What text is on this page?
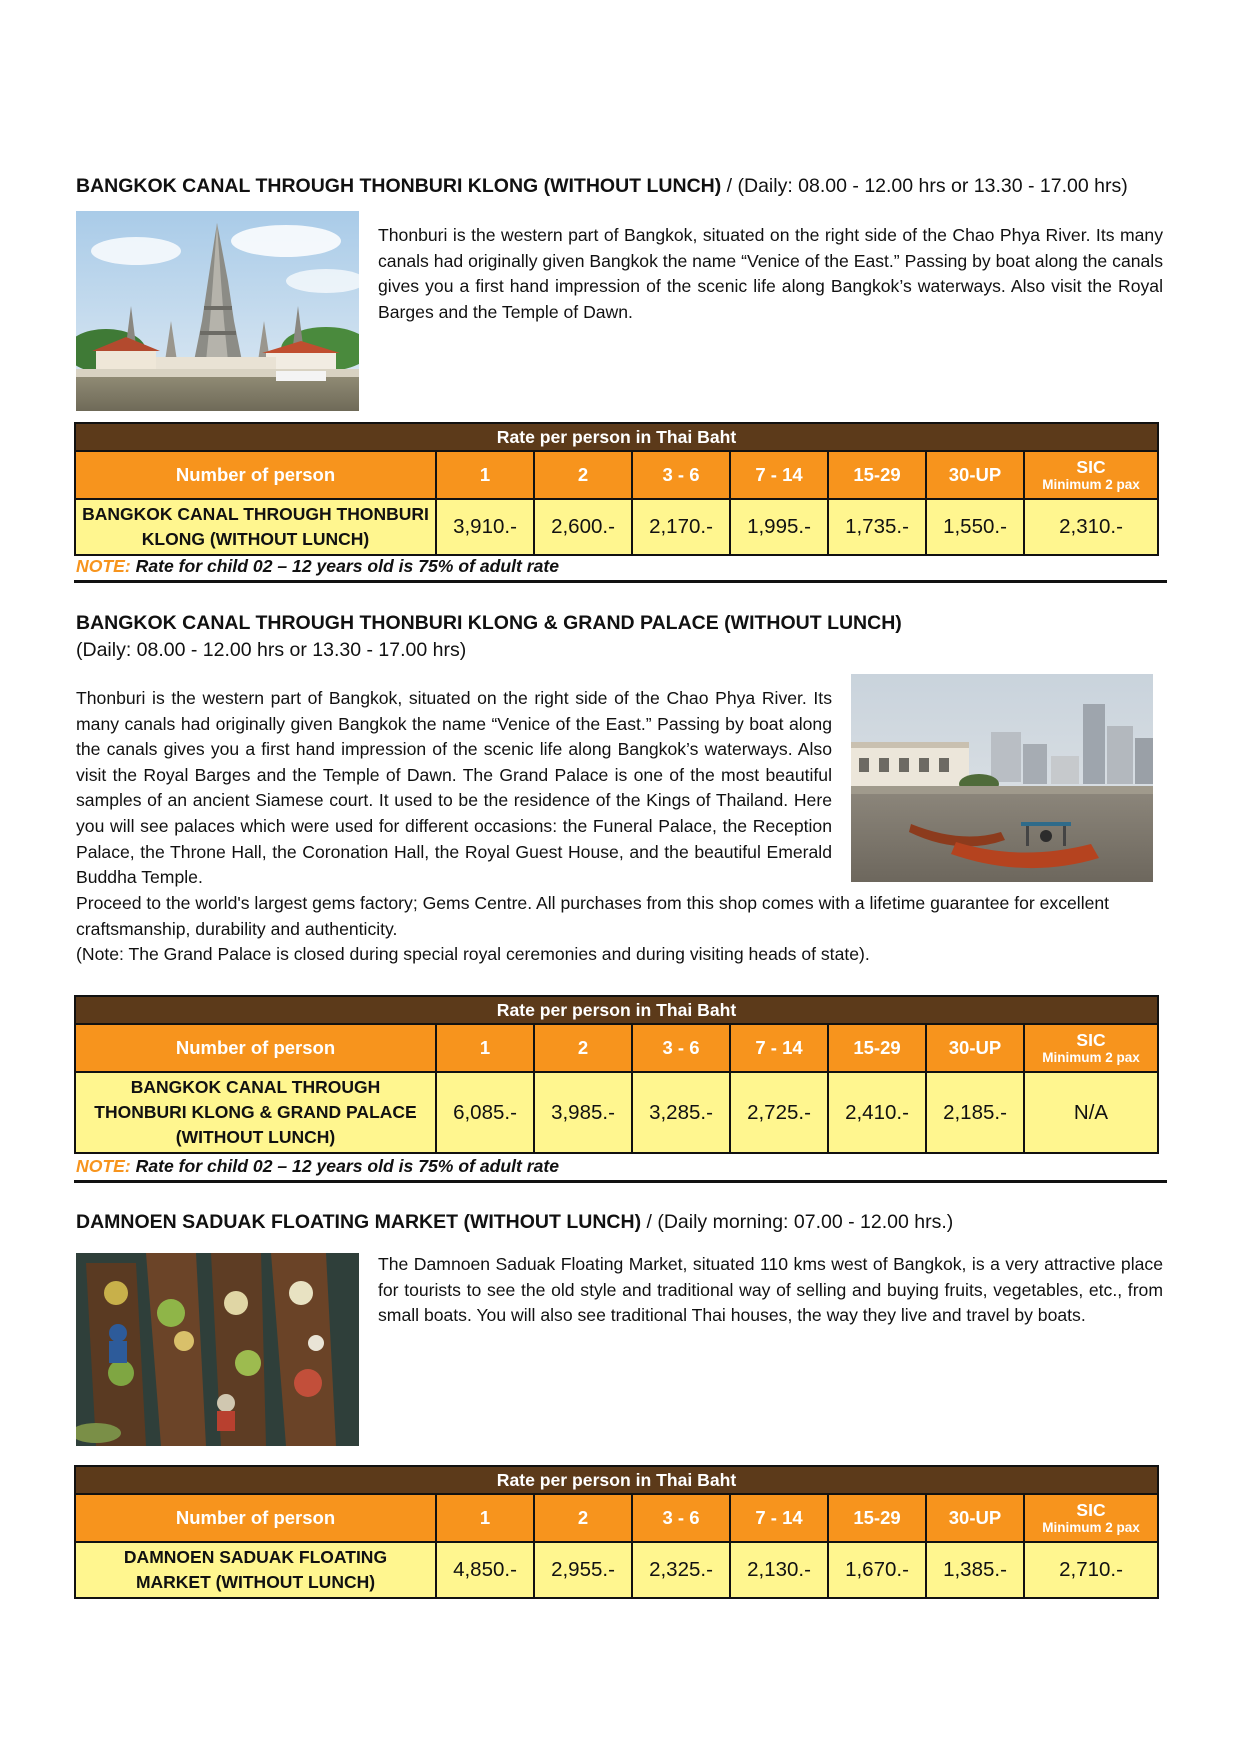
BANGKOK CANAL THROUGH THONBURI KLONG (WITHOUT LUNCH) / (Daily: 08.00 - 12.00 hrs or 13.30 - 17.00 hrs)

Thonburi is the western part of Bangkok, situated on the right side of the Chao Phya River. Its many canals had originally given Bangkok the name “Venice of the East.” Passing by boat along the canals gives you a first hand impression of the scenic life along Bangkok’s waterways. Also visit the Royal Barges and the Temple of Dawn.

Rate per person in Thai Baht							
Number of person	1	2	3 - 6	7 - 14	15-29	30-UP	SIC
Minimum 2 pax

BANGKOK CANAL THROUGH THONBURI KLONG (WITHOUT LUNCH)	3,910.-	2,600.-	2,170.-	1,995.-	1,735.-	1,550.-	2,310.-
NOTE: Rate for child 02 – 12 years old is 75% of adult rate
BANGKOK CANAL THROUGH THONBURI KLONG & GRAND PALACE (WITHOUT LUNCH)
(Daily: 08.00 - 12.00 hrs or 13.30 - 17.00 hrs)

Thonburi is the western part of Bangkok, situated on the right side of the Chao Phya River. Its many canals had originally given Bangkok the name “Venice of the East.” Passing by boat along the canals gives you a first hand impression of the scenic life along Bangkok’s waterways. Also visit the Royal Barges and the Temple of Dawn. The Grand Palace is one of the most beautiful samples of an ancient Siamese court. It used to be the residence of the Kings of Thailand. Here you will see palaces which were used for different occasions: the Funeral Palace, the Reception Palace, the Throne Hall, the Coronation Hall, the Royal Guest House, and the beautiful Emerald Buddha Temple.

Proceed to the world's largest gems factory; Gems Centre. All purchases from this shop comes with a lifetime guarantee for excellent craftsmanship, durability and authenticity.

(Note: The Grand Palace is closed during special royal ceremonies and during visiting heads of state).

Rate per person in Thai Baht							
Number of person	1	2	3 - 6	7 - 14	15-29	30-UP	SIC
Minimum 2 pax

BANGKOK CANAL THROUGH THONBURI KLONG & GRAND PALACE (WITHOUT LUNCH)	6,085.-	3,985.-	3,285.-	2,725.-	2,410.-	2,185.-	N/A
NOTE: Rate for child 02 – 12 years old is 75% of adult rate
DAMNOEN SADUAK FLOATING MARKET (WITHOUT LUNCH) / (Daily morning: 07.00 - 12.00 hrs.)

The Damnoen Saduak Floating Market, situated 110 kms west of Bangkok, is a very attractive place for tourists to see the old style and traditional way of selling and buying fruits, vegetables, etc., from small boats. You will also see traditional Thai houses, the way they live and travel by boats.

Rate per person in Thai Baht							
Number of person	1	2	3 - 6	7 - 14	15-29	30-UP	SIC
Minimum 2 pax

DAMNOEN SADUAK FLOATING MARKET (WITHOUT LUNCH)	4,850.-	2,955.-	2,325.-	2,130.-	1,670.-	1,385.-	2,710.-
